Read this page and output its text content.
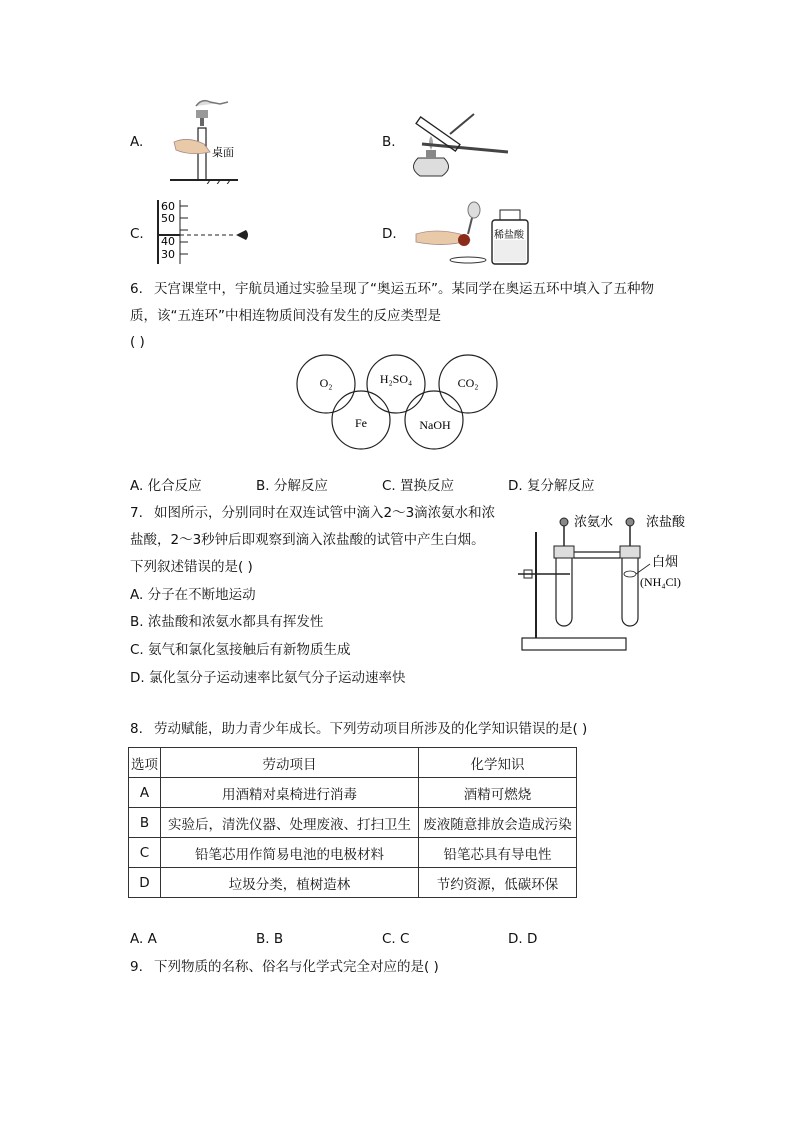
A.
桌面
B.
C.
60
50
40
30
D.	稀盐酸
6. 天宫课堂中，宇航员通过实验呈现了“奥运五环”。某同学在奥运五环中填入了五种物
质，该“五连环”中相连物质间没有发生的反应类型是
( )
O₂	H₂SO₄	CO₂
Fe	NaOH
A. 化合反应	B. 分解反应	C. 置换反应	D. 复分解反应
7. 如图所示，分别同时在双连试管中滴入2～3滴浓氨水和浓
盐酸，2～3秒钟后即观察到滴入浓盐酸的试管中产生白烟。
下列叙述错误的是( )
A. 分子在不断地运动
B. 浓盐酸和浓氨水都具有挥发性
C. 氨气和氯化氢接触后有新物质生成
D. 氯化氢分子运动速率比氨气分子运动速率快
浓氨水	浓盐酸
白烟
(NH₄Cl)
8. 劳动赋能，助力青少年成长。下列劳动项目所涉及的化学知识错误的是( )
选项	劳动项目	化学知识
A	用酒精对桌椅进行消毒	酒精可燃烧
B	实验后，清洗仪器、处理废液、打扫卫生	废液随意排放会造成污染
C	铅笔芯用作简易电池的电极材料	铅笔芯具有导电性
D	垃圾分类，植树造林	节约资源，低碳环保
A. A	B. B	C. C	D. D
9. 下列物质的名称、俗名与化学式完全对应的是( )
